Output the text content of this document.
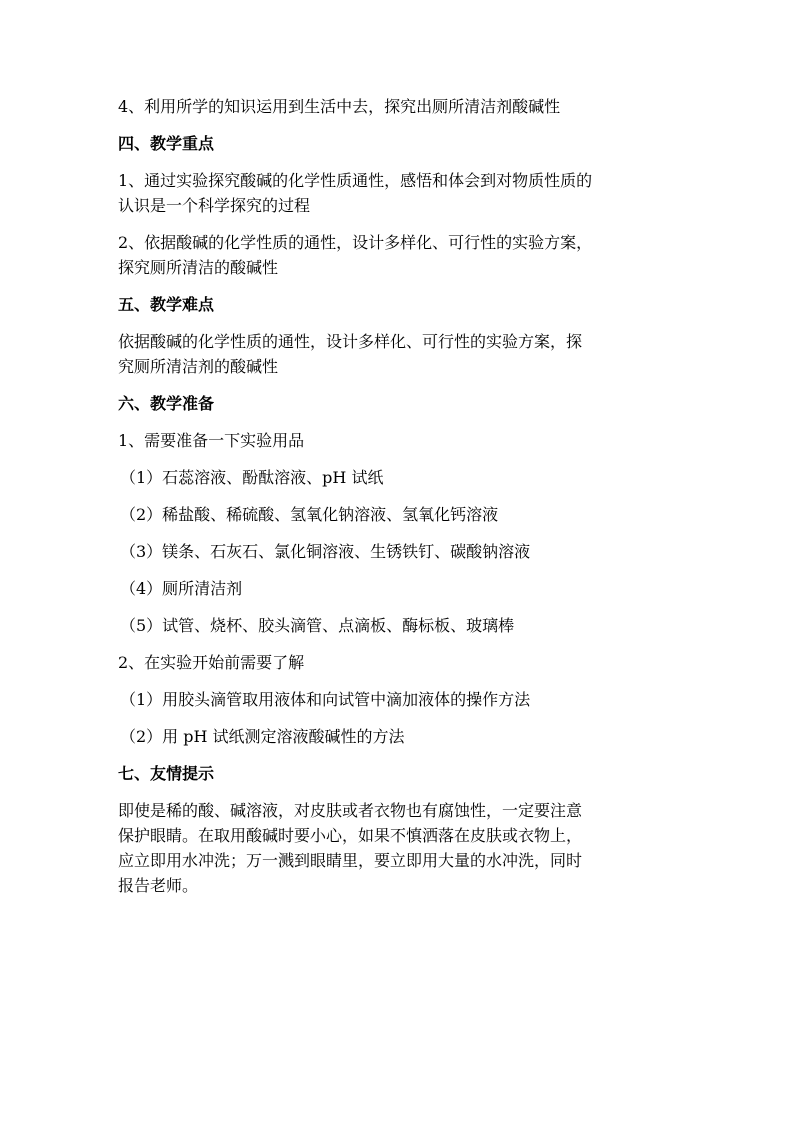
4、利用所学的知识运用到生活中去，探究出厕所清洁剂酸碱性

四、教学重点

1、通过实验探究酸碱的化学性质通性，感悟和体会到对物质性质的

认识是一个科学探究的过程

2、依据酸碱的化学性质的通性，设计多样化、可行性的实验方案，

探究厕所清洁的酸碱性

五、教学难点

依据酸碱的化学性质的通性，设计多样化、可行性的实验方案，探

究厕所清洁剂的酸碱性

六、教学准备

1、需要准备一下实验用品

（1）石蕊溶液、酚酞溶液、pH 试纸

（2）稀盐酸、稀硫酸、氢氧化钠溶液、氢氧化钙溶液

（3）镁条、石灰石、氯化铜溶液、生锈铁钉、碳酸钠溶液

（4）厕所清洁剂

（5）试管、烧杯、胶头滴管、点滴板、酶标板、玻璃棒

2、在实验开始前需要了解

（1）用胶头滴管取用液体和向试管中滴加液体的操作方法

（2）用 pH 试纸测定溶液酸碱性的方法

七、友情提示

即使是稀的酸、碱溶液，对皮肤或者衣物也有腐蚀性，一定要注意

保护眼睛。在取用酸碱时要小心，如果不慎洒落在皮肤或衣物上，

应立即用水冲洗；万一溅到眼睛里，要立即用大量的水冲洗，同时

报告老师。
